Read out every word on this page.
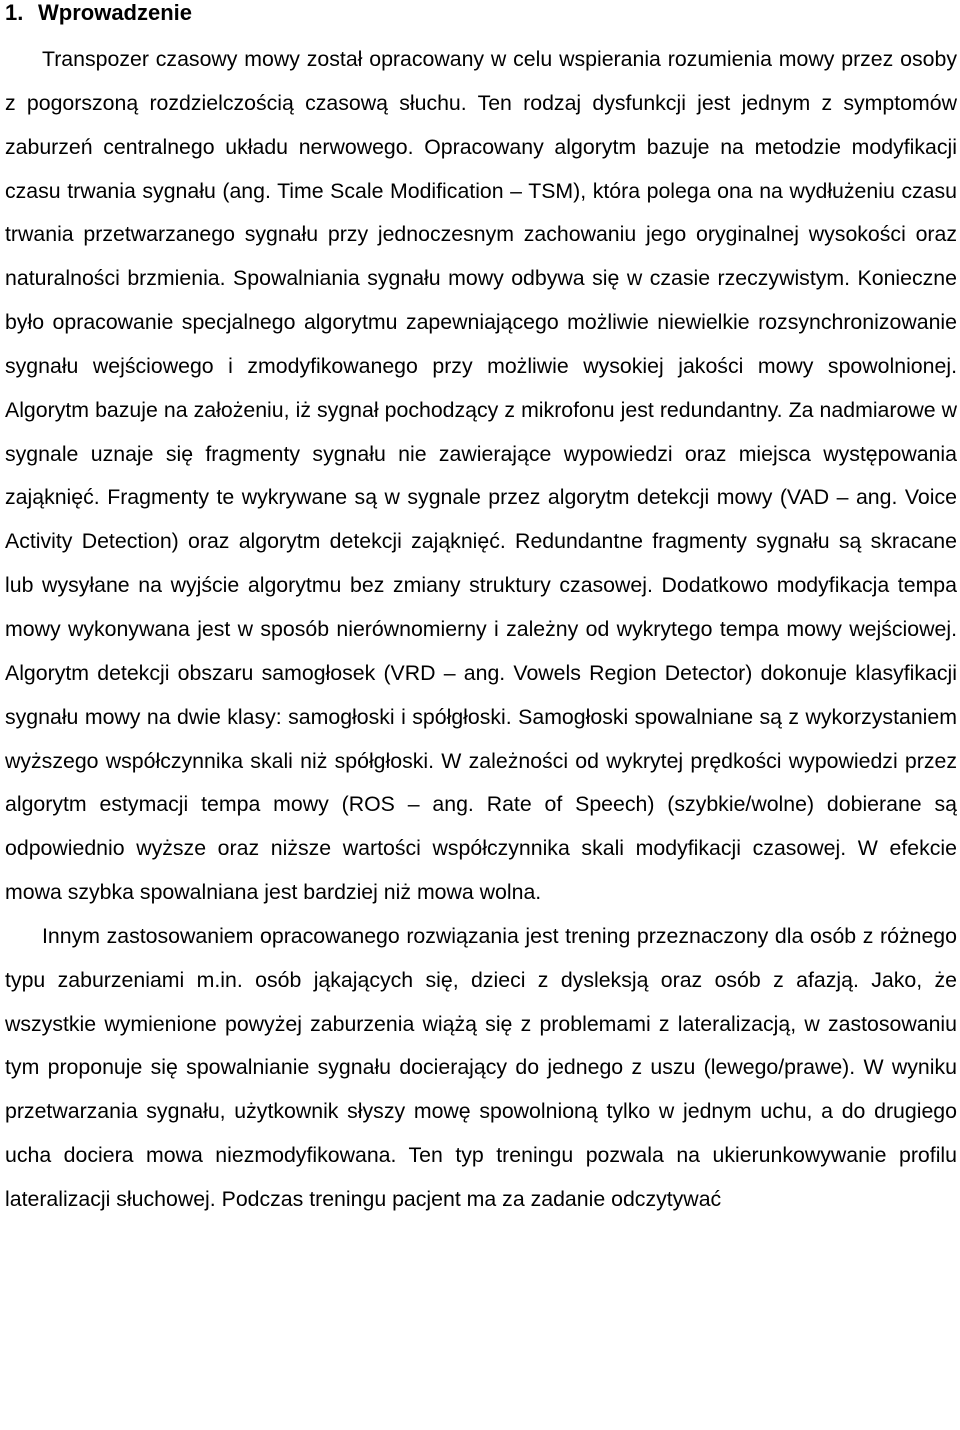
1. Wprowadzenie

Transpozer czasowy mowy został opracowany w celu wspierania rozumienia mowy przez osoby z pogorszoną rozdzielczością czasową słuchu. Ten rodzaj dysfunkcji jest jednym z symptomów zaburzeń centralnego układu nerwowego. Opracowany algorytm bazuje na metodzie modyfikacji czasu trwania sygnału (ang. Time Scale Modification – TSM), która polega ona na wydłużeniu czasu trwania przetwarzanego sygnału przy jednoczesnym zachowaniu jego oryginalnej wysokości oraz naturalności brzmienia. Spowalniania sygnału mowy odbywa się w czasie rzeczywistym. Konieczne było opracowanie specjalnego algorytmu zapewniającego możliwie niewielkie rozsynchronizowanie sygnału wejściowego i zmodyfikowanego przy możliwie wysokiej jakości mowy spowolnionej. Algorytm bazuje na założeniu, iż sygnał pochodzący z mikrofonu jest redundantny. Za nadmiarowe w sygnale uznaje się fragmenty sygnału nie zawierające wypowiedzi oraz miejsca występowania zająknięć. Fragmenty te wykrywane są w sygnale przez algorytm detekcji mowy (VAD – ang. Voice Activity Detection) oraz algorytm detekcji zająknięć. Redundantne fragmenty sygnału są skracane lub wysyłane na wyjście algorytmu bez zmiany struktury czasowej. Dodatkowo modyfikacja tempa mowy wykonywana jest w sposób nierównomierny i zależny od wykrytego tempa mowy wejściowej. Algorytm detekcji obszaru samogłosek (VRD – ang. Vowels Region Detector) dokonuje klasyfikacji sygnału mowy na dwie klasy: samogłoski i spółgłoski. Samogłoski spowalniane są z wykorzystaniem wyższego współczynnika skali niż spółgłoski. W zależności od wykrytej prędkości wypowiedzi przez algorytm estymacji tempa mowy (ROS – ang. Rate of Speech) (szybkie/wolne) dobierane są odpowiednio wyższe oraz niższe wartości współczynnika skali modyfikacji czasowej. W efekcie mowa szybka spowalniana jest bardziej niż mowa wolna.

Innym zastosowaniem opracowanego rozwiązania jest trening przeznaczony dla osób z różnego typu zaburzeniami m.in. osób jąkających się, dzieci z dysleksją oraz osób z afazją. Jako, że wszystkie wymienione powyżej zaburzenia wiążą się z problemami z lateralizacją, w zastosowaniu tym proponuje się spowalnianie sygnału docierający do jednego z uszu (lewego/prawe). W wyniku przetwarzania sygnału, użytkownik słyszy mowę spowolnioną tylko w jednym uchu, a do drugiego ucha dociera mowa niezmodyfikowana. Ten typ treningu pozwala na ukierunkowywanie profilu lateralizacji słuchowej. Podczas treningu pacjent ma za zadanie odczytywać
